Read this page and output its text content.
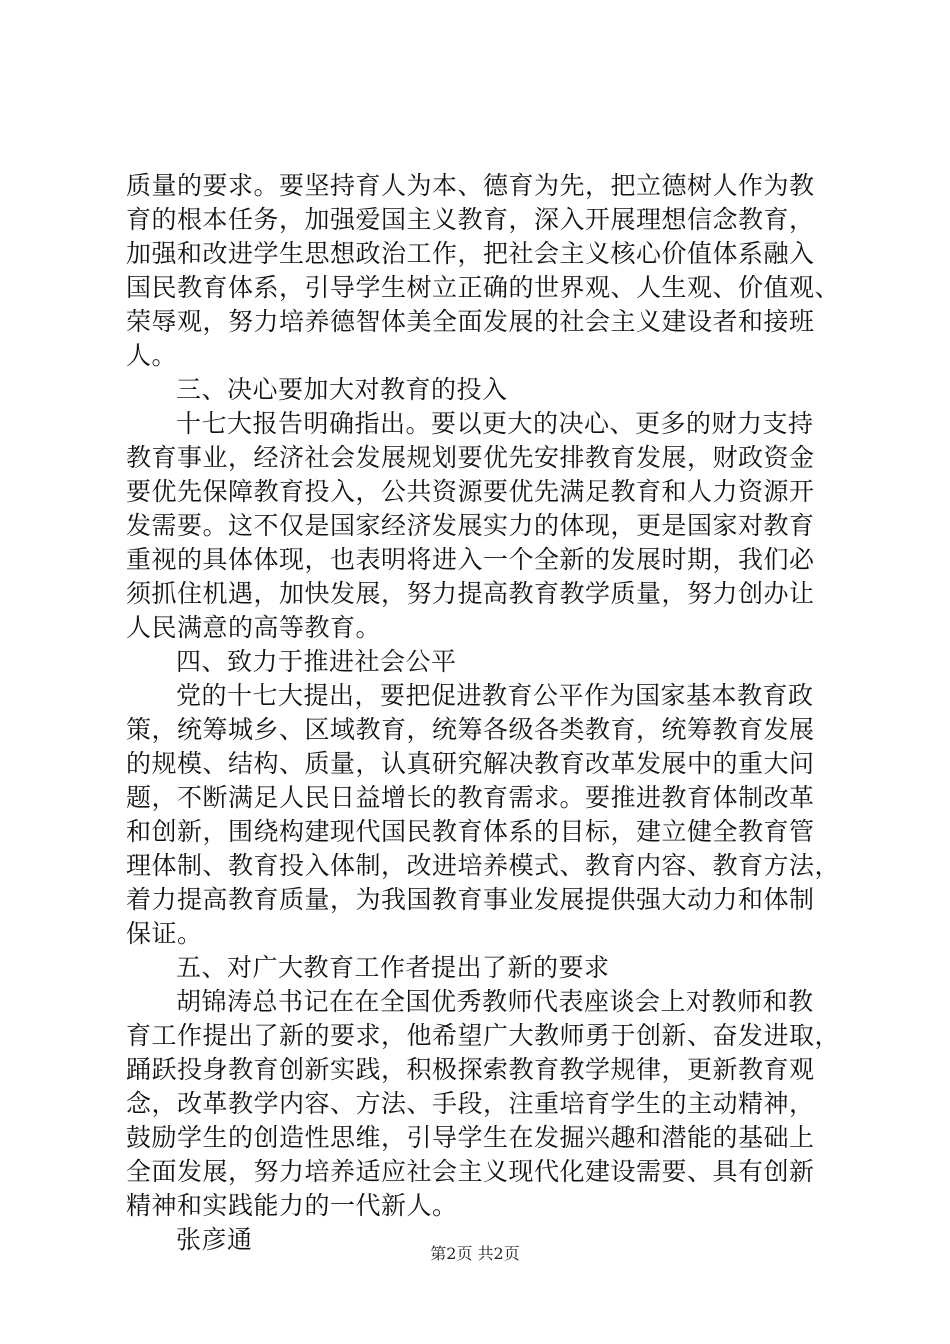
质量的要求。要坚持育人为本、德育为先，把立德树人作为教
育的根本任务，加强爱国主义教育，深入开展理想信念教育，
加强和改进学生思想政治工作，把社会主义核心价值体系融入
国民教育体系，引导学生树立正确的世界观、人生观、价值观、
荣辱观，努力培养德智体美全面发展的社会主义建设者和接班
人。
三、决心要加大对教育的投入
十七大报告明确指出。要以更大的决心、更多的财力支持
教育事业，经济社会发展规划要优先安排教育发展，财政资金
要优先保障教育投入，公共资源要优先满足教育和人力资源开
发需要。这不仅是国家经济发展实力的体现，更是国家对教育
重视的具体体现，也表明将进入一个全新的发展时期，我们必
须抓住机遇，加快发展，努力提高教育教学质量，努力创办让
人民满意的高等教育。
四、致力于推进社会公平
党的十七大提出，要把促进教育公平作为国家基本教育政
策，统筹城乡、区域教育，统筹各级各类教育，统筹教育发展
的规模、结构、质量，认真研究解决教育改革发展中的重大问
题，不断满足人民日益增长的教育需求。要推进教育体制改革
和创新，围绕构建现代国民教育体系的目标，建立健全教育管
理体制、教育投入体制，改进培养模式、教育内容、教育方法，
着力提高教育质量，为我国教育事业发展提供强大动力和体制
保证。
五、对广大教育工作者提出了新的要求
胡锦涛总书记在在全国优秀教师代表座谈会上对教师和教
育工作提出了新的要求，他希望广大教师勇于创新、奋发进取，
踊跃投身教育创新实践，积极探索教育教学规律，更新教育观
念，改革教学内容、方法、手段，注重培育学生的主动精神，
鼓励学生的创造性思维，引导学生在发掘兴趣和潜能的基础上
全面发展，努力培养适应社会主义现代化建设需要、具有创新
精神和实践能力的一代新人。
张彦通	第2页 共2页
